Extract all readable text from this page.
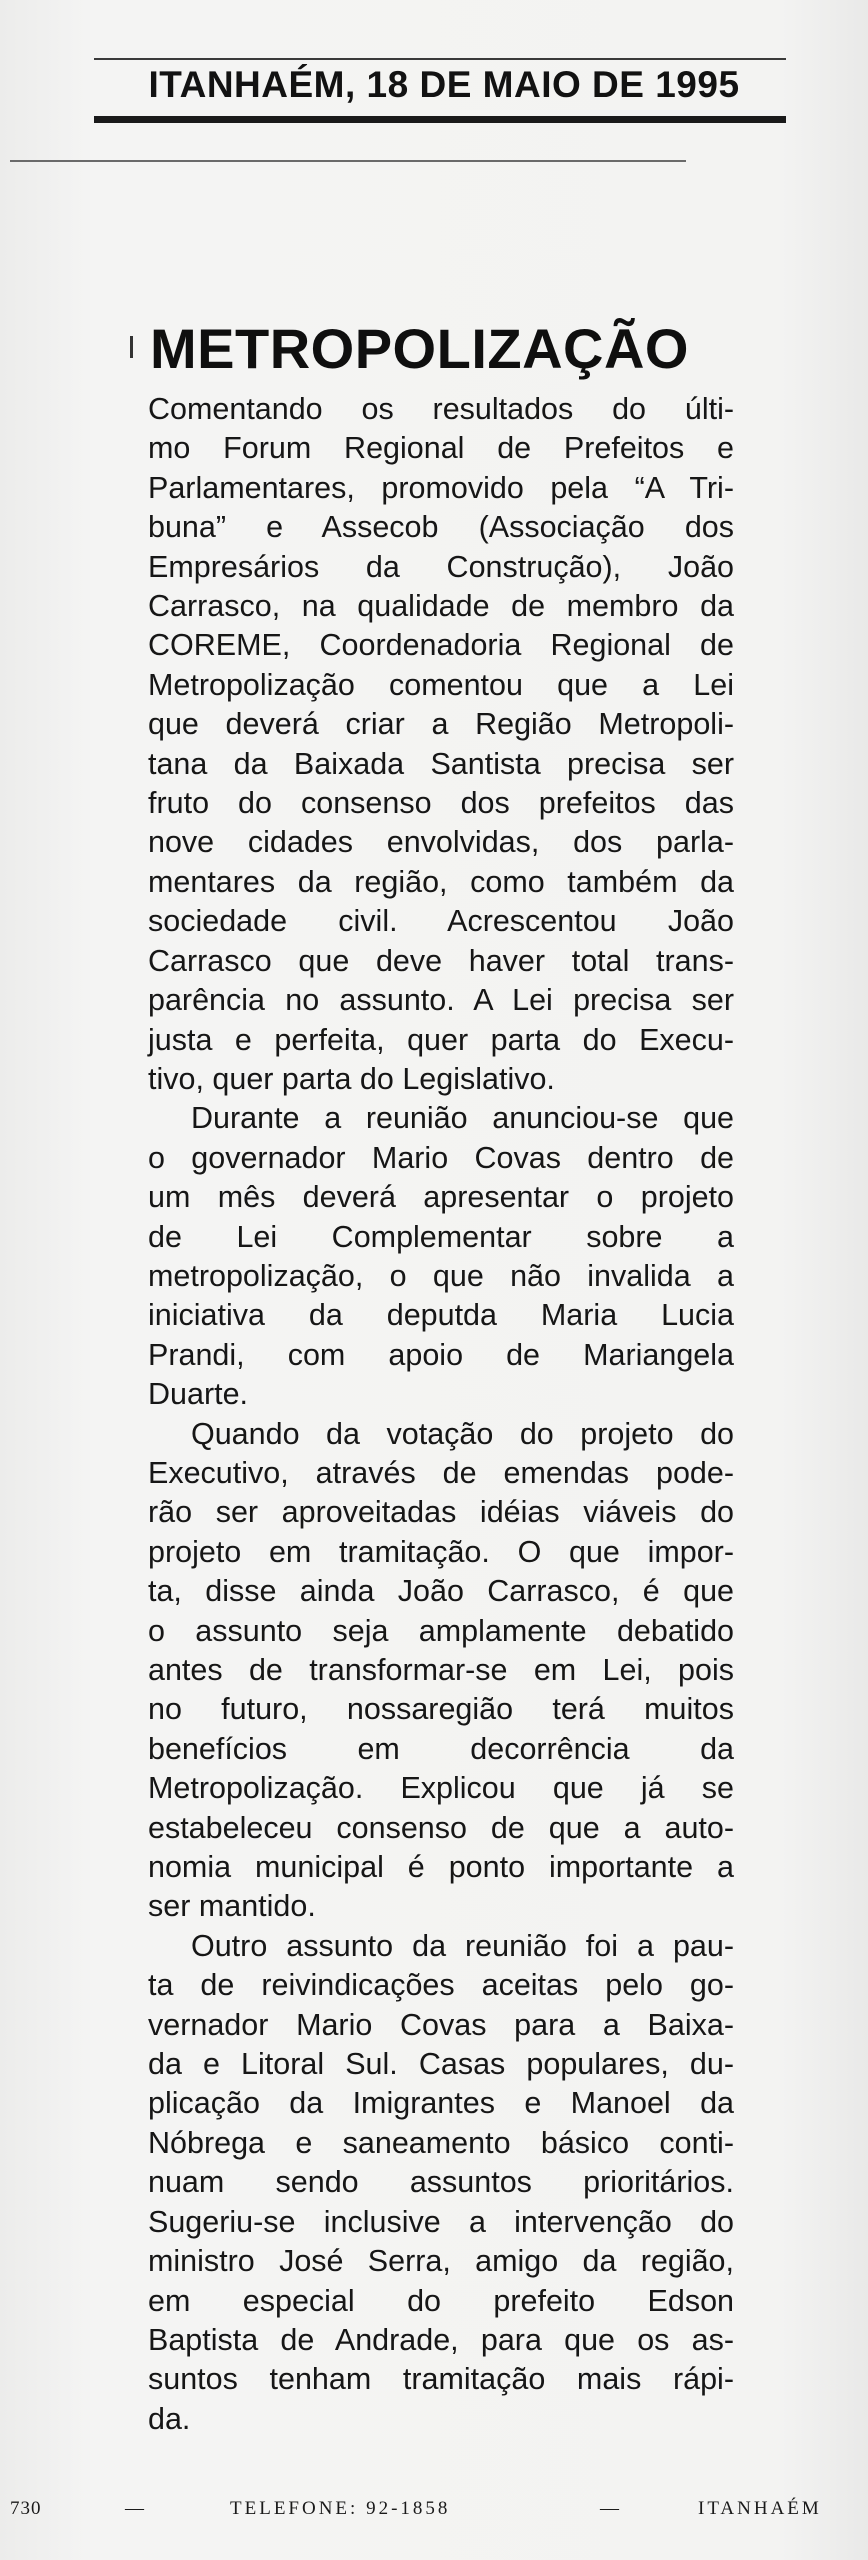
ITANHAÉM, 18 DE MAIO DE 1995
METROPOLIZAÇÃO

Comentando os resultados do últi-
mo Forum Regional de Prefeitos e
Parlamentares, promovido pela “A Tri-
buna” e Assecob (Associação dos
Empresários da Construção), João
Carrasco, na qualidade de membro da
COREME, Coordenadoria Regional de
Metropolização comentou que a Lei
que deverá criar a Região Metropoli-
tana da Baixada Santista precisa ser
fruto do consenso dos prefeitos das
nove cidades envolvidas, dos parla-
mentares da região, como também da
sociedade civil. Acrescentou João
Carrasco que deve haver total trans-
parência no assunto. A Lei precisa ser
justa e perfeita, quer parta do Execu-
tivo, quer parta do Legislativo.

Durante a reunião anunciou-se que
o governador Mario Covas dentro de
um mês deverá apresentar o projeto
de Lei Complementar sobre a
metropolização, o que não invalida a
iniciativa da deputda Maria Lucia
Prandi, com apoio de Mariangela
Duarte.

Quando da votação do projeto do
Executivo, através de emendas pode-
rão ser aproveitadas idéias viáveis do
projeto em tramitação. O que impor-
ta, disse ainda João Carrasco, é que
o assunto seja amplamente debatido
antes de transformar-se em Lei, pois
no futuro, nossaregião terá muitos
benefícios em decorrência da
Metropolização. Explicou que já se
estabeleceu consenso de que a auto-
nomia municipal é ponto importante a
ser mantido.

Outro assunto da reunião foi a pau-
ta de reivindicações aceitas pelo go-
vernador Mario Covas para a Baixa-
da e Litoral Sul. Casas populares, du-
plicação da Imigrantes e Manoel da
Nóbrega e saneamento básico conti-
nuam sendo assuntos prioritários.
Sugeriu-se inclusive a intervenção do
ministro José Serra, amigo da região,
em especial do prefeito Edson
Baptista de Andrade, para que os as-
suntos tenham tramitação mais rápi-
da.

730	—	TELEFONE: 92-1858	—	ITANHAÉM
